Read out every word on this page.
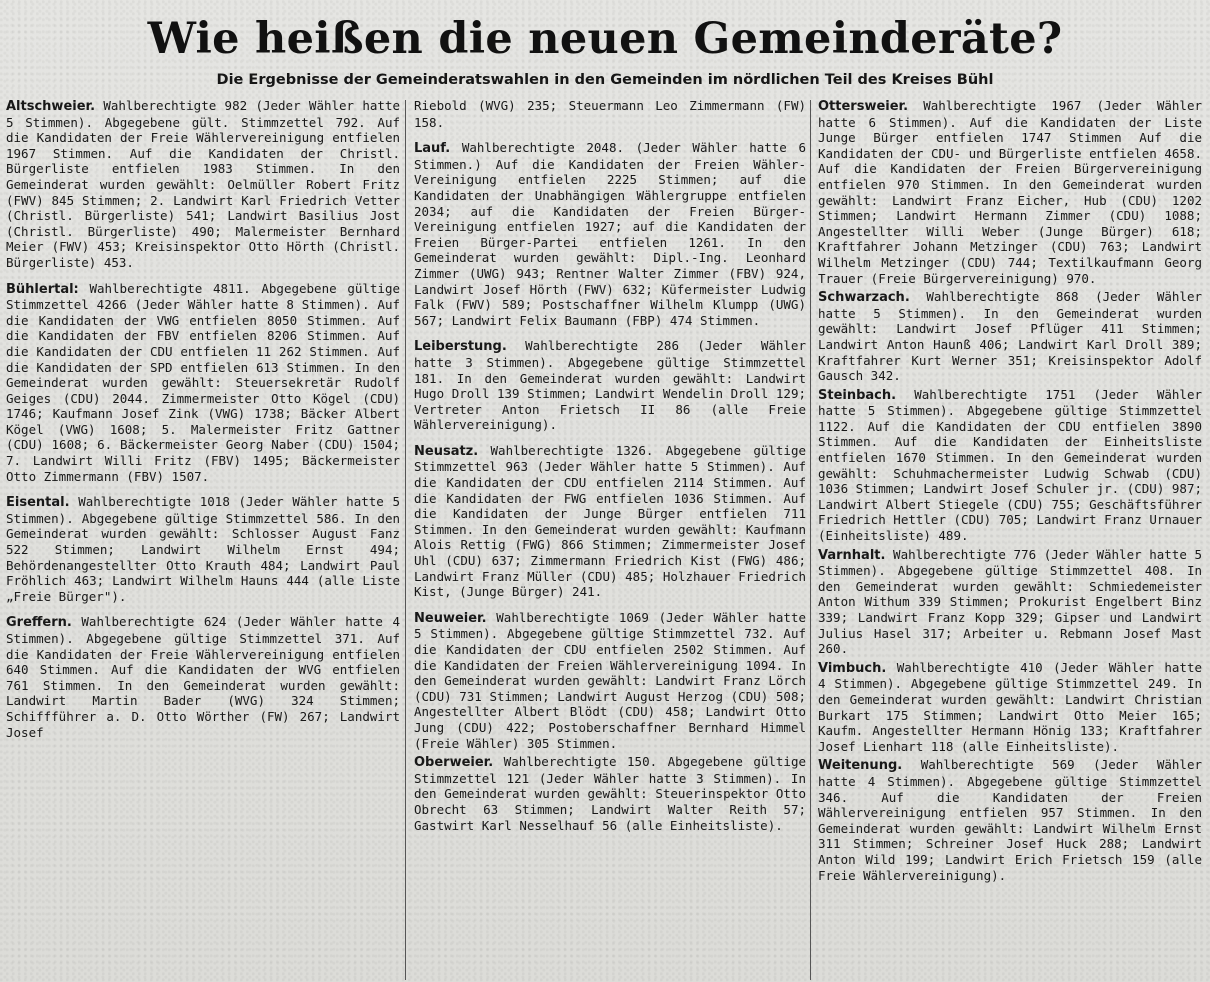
Wie heißen die neuen Gemeinderäte?
Die Ergebnisse der Gemeinderatswahlen in den Gemeinden im nördlichen Teil des Kreises Bühl

Altschweier. Wahlberechtigte 982 (Jeder Wähler hatte 5 Stimmen). Abgegebene gült. Stimmzettel 792. Auf die Kandidaten der Freie Wählervereinigung entfielen 1967 Stimmen. Auf die Kandidaten der Christl. Bürgerliste entfielen 1983 Stimmen. In den Gemeinderat wurden gewählt: Oelmüller Robert Fritz (FWV) 845 Stimmen; 2. Landwirt Karl Friedrich Vetter (Christl. Bürgerliste) 541; Landwirt Basilius Jost (Christl. Bürgerliste) 490; Malermeister Bernhard Meier (FWV) 453; Kreisinspektor Otto Hörth (Christl. Bürgerliste) 453.

Bühlertal: Wahlberechtigte 4811. Abgegebene gültige Stimmzettel 4266 (Jeder Wähler hatte 8 Stimmen). Auf die Kandidaten der VWG entfielen 8050 Stimmen. Auf die Kandidaten der FBV entfielen 8206 Stimmen. Auf die Kandidaten der CDU entfielen 11 262 Stimmen. Auf die Kandidaten der SPD entfielen 613 Stimmen. In den Gemeinderat wurden gewählt: Steuersekretär Rudolf Geiges (CDU) 2044. Zimmermeister Otto Kögel (CDU) 1746; Kaufmann Josef Zink (VWG) 1738; Bäcker Albert Kögel (VWG) 1608; 5. Malermeister Fritz Gattner (CDU) 1608; 6. Bäckermeister Georg Naber (CDU) 1504; 7. Landwirt Willi Fritz (FBV) 1495; Bäckermeister Otto Zimmermann (FBV) 1507.

Eisental. Wahlberechtigte 1018 (Jeder Wähler hatte 5 Stimmen). Abgegebene gültige Stimmzettel 586. In den Gemeinderat wurden gewählt: Schlosser August Fanz 522 Stimmen; Landwirt Wilhelm Ernst 494; Behördenangestellter Otto Krauth 484; Landwirt Paul Fröhlich 463; Landwirt Wilhelm Hauns 444 (alle Liste „Freie Bürger").

Greffern. Wahlberechtigte 624 (Jeder Wähler hatte 4 Stimmen). Abgegebene gültige Stimmzettel 371. Auf die Kandidaten der Freie Wählervereinigung entfielen 640 Stimmen. Auf die Kandidaten der WVG entfielen 761 Stimmen. In den Gemeinderat wurden gewählt: Landwirt Martin Bader (WVG) 324 Stimmen; Schiffführer a. D. Otto Wörther (FW) 267; Landwirt Josef

Riebold (WVG) 235; Steuermann Leo Zimmermann (FW) 158.

Lauf. Wahlberechtigte 2048. (Jeder Wähler hatte 6 Stimmen.) Auf die Kandidaten der Freien Wähler-Vereinigung entfielen 2225 Stimmen; auf die Kandidaten der Unabhängigen Wählergruppe entfielen 2034; auf die Kandidaten der Freien Bürger-Vereinigung entfielen 1927; auf die Kandidaten der Freien Bürger-Partei entfielen 1261. In den Gemeinderat wurden gewählt: Dipl.-Ing. Leonhard Zimmer (UWG) 943; Rentner Walter Zimmer (FBV) 924, Landwirt Josef Hörth (FWV) 632; Küfermeister Ludwig Falk (FWV) 589; Postschaffner Wilhelm Klumpp (UWG) 567; Landwirt Felix Baumann (FBP) 474 Stimmen.

Leiberstung. Wahlberechtigte 286 (Jeder Wähler hatte 3 Stimmen). Abgegebene gültige Stimmzettel 181. In den Gemeinderat wurden gewählt: Landwirt Hugo Droll 139 Stimmen; Landwirt Wendelin Droll 129; Vertreter Anton Frietsch II 86 (alle Freie Wählervereinigung).

Neusatz. Wahlberechtigte 1326. Abgegebene gültige Stimmzettel 963 (Jeder Wähler hatte 5 Stimmen). Auf die Kandidaten der CDU entfielen 2114 Stimmen. Auf die Kandidaten der FWG entfielen 1036 Stimmen. Auf die Kandidaten der Junge Bürger entfielen 711 Stimmen. In den Gemeinderat wurden gewählt: Kaufmann Alois Rettig (FWG) 866 Stimmen; Zimmermeister Josef Uhl (CDU) 637; Zimmermann Friedrich Kist (FWG) 486; Landwirt Franz Müller (CDU) 485; Holzhauer Friedrich Kist, (Junge Bürger) 241.

Neuweier. Wahlberechtigte 1069 (Jeder Wähler hatte 5 Stimmen). Abgegebene gültige Stimmzettel 732. Auf die Kandidaten der CDU entfielen 2502 Stimmen. Auf die Kandidaten der Freien Wählervereinigung 1094. In den Gemeinderat wurden gewählt: Landwirt Franz Lörch (CDU) 731 Stimmen; Landwirt August Herzog (CDU) 508; Angestellter Albert Blödt (CDU) 458; Landwirt Otto Jung (CDU) 422; Postoberschaffner Bernhard Himmel (Freie Wähler) 305 Stimmen.

Oberweier. Wahlberechtigte 150. Abgegebene gültige Stimmzettel 121 (Jeder Wähler hatte 3 Stimmen). In den Gemeinderat wurden gewählt: Steuerinspektor Otto Obrecht 63 Stimmen; Landwirt Walter Reith 57; Gastwirt Karl Nesselhauf 56 (alle Einheitsliste).

Ottersweier. Wahlberechtigte 1967 (Jeder Wähler hatte 6 Stimmen). Auf die Kandidaten der Liste Junge Bürger entfielen 1747 Stimmen Auf die Kandidaten der CDU- und Bürgerliste entfielen 4658. Auf die Kandidaten der Freien Bürgervereinigung entfielen 970 Stimmen. In den Gemeinderat wurden gewählt: Landwirt Franz Eicher, Hub (CDU) 1202 Stimmen; Landwirt Hermann Zimmer (CDU) 1088; Angestellter Willi Weber (Junge Bürger) 618; Kraftfahrer Johann Metzinger (CDU) 763; Landwirt Wilhelm Metzinger (CDU) 744; Textilkaufmann Georg Trauer (Freie Bürgervereinigung) 970.

Schwarzach. Wahlberechtigte 868 (Jeder Wähler hatte 5 Stimmen). In den Gemeinderat wurden gewählt: Landwirt Josef Pflüger 411 Stimmen; Landwirt Anton Haunß 406; Landwirt Karl Droll 389; Kraftfahrer Kurt Werner 351; Kreisinspektor Adolf Gausch 342.

Steinbach. Wahlberechtigte 1751 (Jeder Wähler hatte 5 Stimmen). Abgegebene gültige Stimmzettel 1122. Auf die Kandidaten der CDU entfielen 3890 Stimmen. Auf die Kandidaten der Einheitsliste entfielen 1670 Stimmen. In den Gemeinderat wurden gewählt: Schuhmachermeister Ludwig Schwab (CDU) 1036 Stimmen; Landwirt Josef Schuler jr. (CDU) 987; Landwirt Albert Stiegele (CDU) 755; Geschäftsführer Friedrich Hettler (CDU) 705; Landwirt Franz Urnauer (Einheitsliste) 489.

Varnhalt. Wahlberechtigte 776 (Jeder Wähler hatte 5 Stimmen). Abgegebene gültige Stimmzettel 408. In den Gemeinderat wurden gewählt: Schmiedemeister Anton Withum 339 Stimmen; Prokurist Engelbert Binz 339; Landwirt Franz Kopp 329; Gipser und Landwirt Julius Hasel 317; Arbeiter u. Rebmann Josef Mast 260.

Vimbuch. Wahlberechtigte 410 (Jeder Wähler hatte 4 Stimmen). Abgegebene gültige Stimmzettel 249. In den Gemeinderat wurden gewählt: Landwirt Christian Burkart 175 Stimmen; Landwirt Otto Meier 165; Kaufm. Angestellter Hermann Hönig 133; Kraftfahrer Josef Lienhart 118 (alle Einheitsliste).

Weitenung. Wahlberechtigte 569 (Jeder Wähler hatte 4 Stimmen). Abgegebene gültige Stimmzettel 346. Auf die Kandidaten der Freien Wählervereinigung entfielen 957 Stimmen. In den Gemeinderat wurden gewählt: Landwirt Wilhelm Ernst 311 Stimmen; Schreiner Josef Huck 288; Landwirt Anton Wild 199; Landwirt Erich Frietsch 159 (alle Freie Wählervereinigung).
